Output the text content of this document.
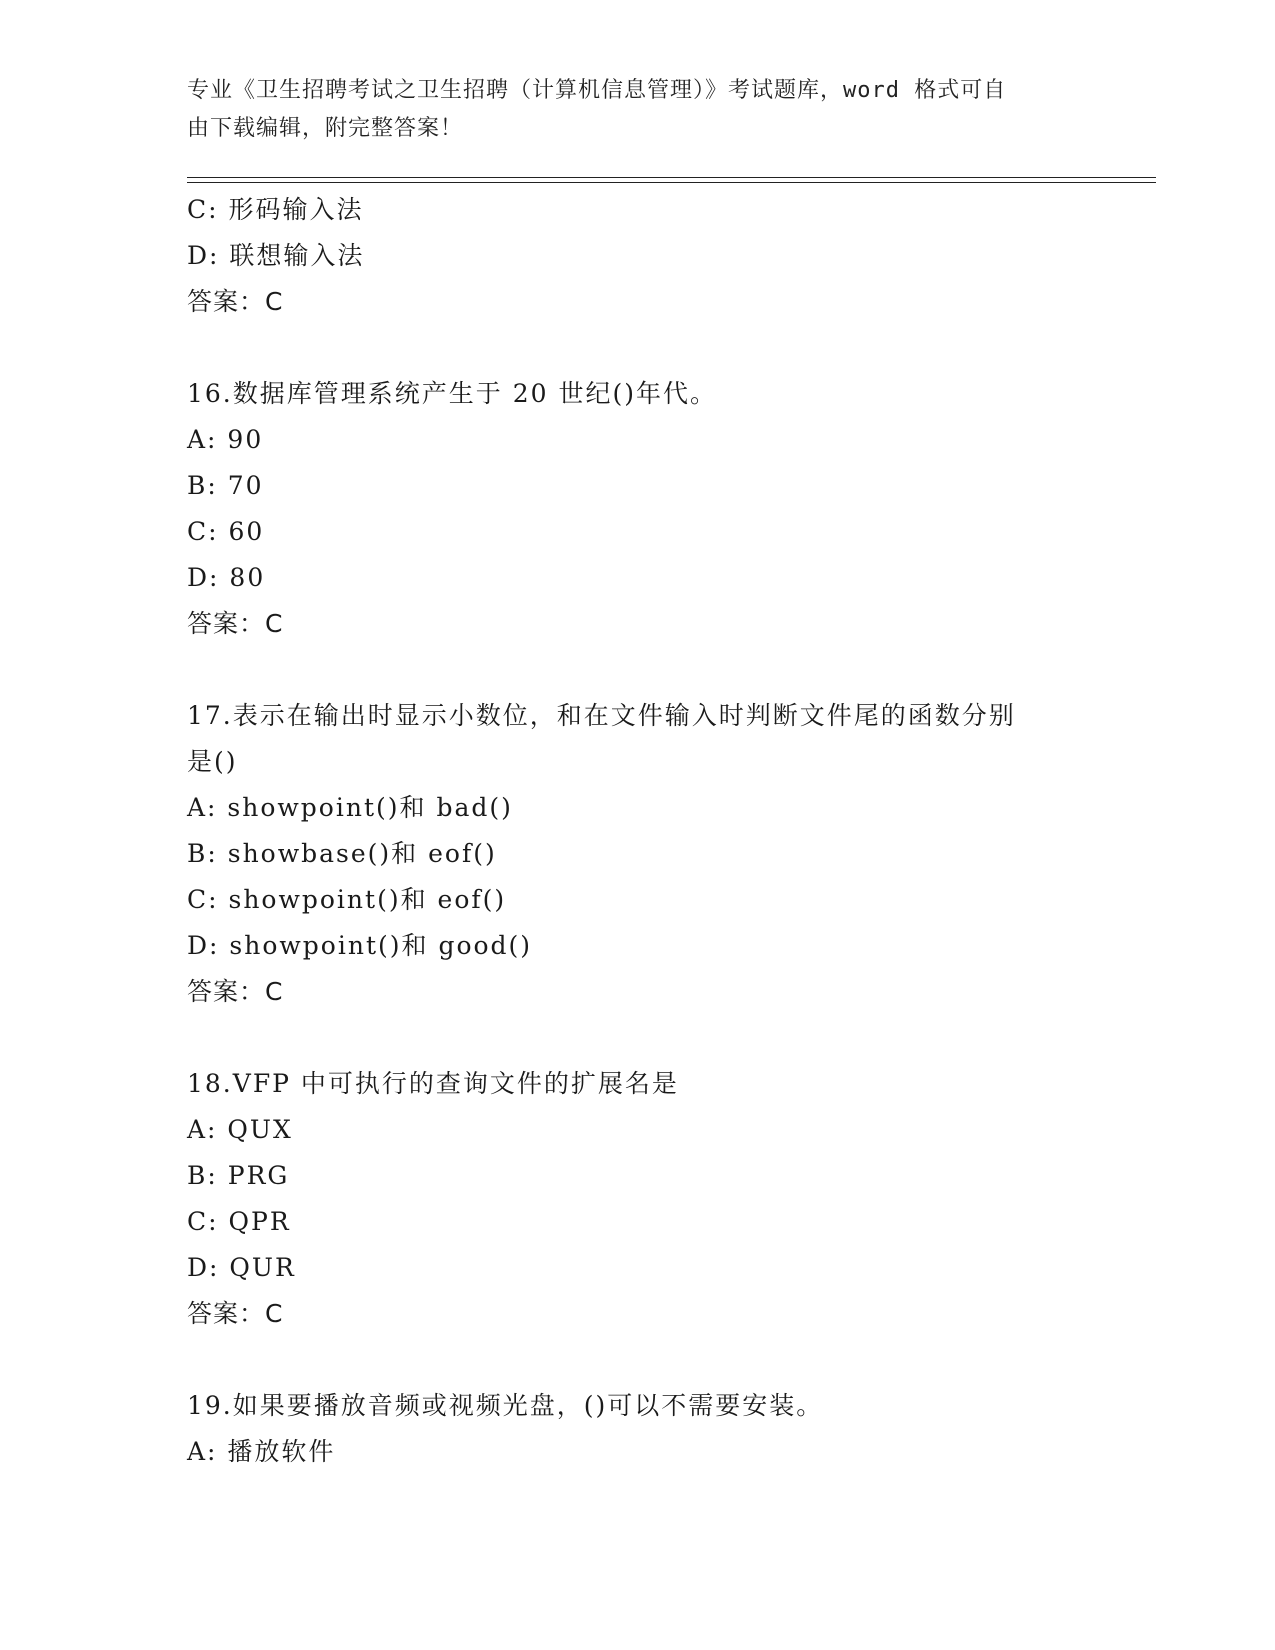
专业《卫生招聘考试之卫生招聘（计算机信息管理）》考试题库，word 格式可自
由下载编辑，附完整答案！
C: 形码输入法
D: 联想输入法
答案：C
16.数据库管理系统产生于 20 世纪()年代。
A: 90
B: 70
C: 60
D: 80
答案：C
17.表示在输出时显示小数位，和在文件输入时判断文件尾的函数分别
是()
A: showpoint()和 bad()
B: showbase()和 eof()
C: showpoint()和 eof()
D: showpoint()和 good()
答案：C
18.VFP 中可执行的查询文件的扩展名是
A: QUX
B: PRG
C: QPR
D: QUR
答案：C
19.如果要播放音频或视频光盘，()可以不需要安装。
A: 播放软件
